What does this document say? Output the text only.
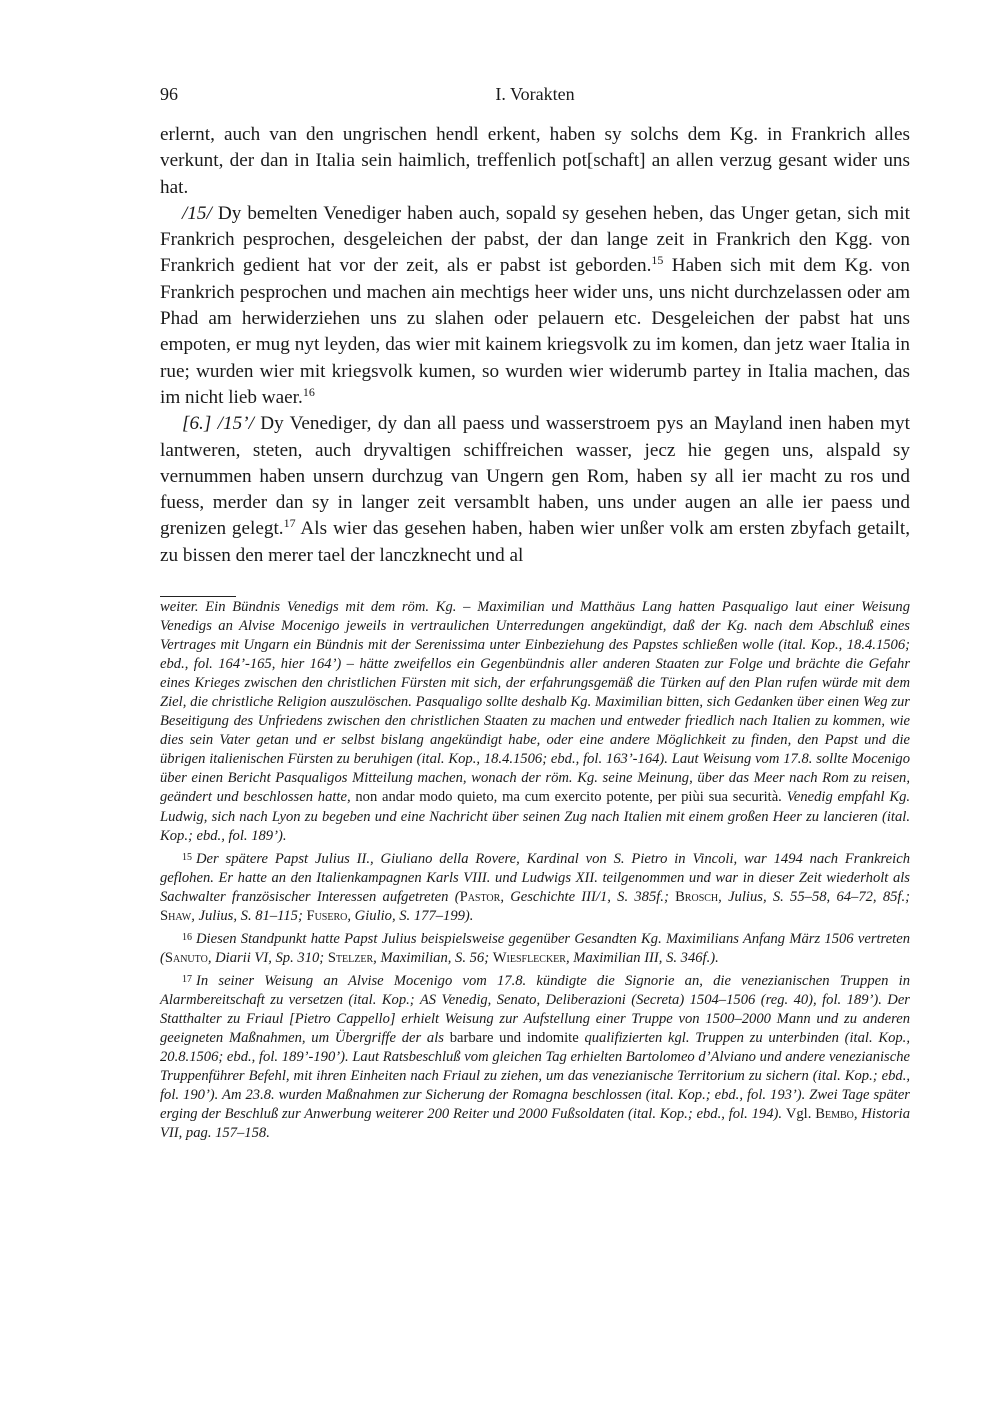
96	I. Vorakten

erlernt, auch van den ungrischen hendl erkent, haben sy solchs dem Kg. in Frankrich alles verkunt, der dan in Italia sein haimlich, treffenlich pot[schaft] an allen verzug gesant wider uns hat.

/15/ Dy bemelten Venediger haben auch, sopald sy gesehen heben, das Unger getan, sich mit Frankrich pesprochen, desgeleichen der pabst, der dan lange zeit in Frankrich den Kgg. von Frankrich gedient hat vor der zeit, als er pabst ist geborden.$^{15}$ Haben sich mit dem Kg. von Frankrich pesprochen und machen ain mechtigs heer wider uns, uns nicht durchzelassen oder am Phad am herwiderziehen uns zu slahen oder pelauern etc. Desgeleichen der pabst hat uns empoten, er mug nyt leyden, das wier mit kainem kriegsvolk zu im komen, dan jetz waer Italia in rue; wurden wier mit kriegsvolk kumen, so wurden wier widerumb partey in Italia machen, das im nicht lieb waer.$^{16}$

[6.] /15’/ Dy Venediger, dy dan all paess und wasserstroem pys an Mayland inen haben myt lantweren, steten, auch dryvaltigen schiffreichen wasser, jecz hie gegen uns, alspald sy vernummen haben unsern durchzug van Ungern gen Rom, haben sy all ier macht zu ros und fuess, merder dan sy in langer zeit versamblt haben, uns under augen an alle ier paess und grenizen gelegt.$^{17}$ Als wier das gesehen haben, haben wier unßer volk am ersten zbyfach getailt, zu bissen den merer tael der lanczknecht und al

weiter. Ein Bündnis Venedigs mit dem röm. Kg. – Maximilian und Matthäus Lang hatten Pasqualigo laut einer Weisung Venedigs an Alvise Mocenigo jeweils in vertraulichen Unterredungen angekündigt, daß der Kg. nach dem Abschluß eines Vertrages mit Ungarn ein Bündnis mit der Serenissima unter Einbeziehung des Papstes schließen wolle (ital. Kop., 18.4.1506; ebd., fol. 164’-165, hier 164’) – hätte zweifellos ein Gegenbündnis aller anderen Staaten zur Folge und brächte die Gefahr eines Krieges zwischen den christlichen Fürsten mit sich, der erfahrungsgemäß die Türken auf den Plan rufen würde mit dem Ziel, die christliche Religion auszulöschen. Pasqualigo sollte deshalb Kg. Maximilian bitten, sich Gedanken über einen Weg zur Beseitigung des Unfriedens zwischen den christlichen Staaten zu machen und entweder friedlich nach Italien zu kommen, wie dies sein Vater getan und er selbst bislang angekündigt habe, oder eine andere Möglichkeit zu finden, den Papst und die übrigen italienischen Fürsten zu beruhigen (ital. Kop., 18.4.1506; ebd., fol. 163’-164). Laut Weisung vom 17.8. sollte Mocenigo über einen Bericht Pasqualigos Mitteilung machen, wonach der röm. Kg. seine Meinung, über das Meer nach Rom zu reisen, geändert und beschlossen hatte, non andar modo quieto, ma cum exercito potente, per piùi sua securità. Venedig empfahl Kg. Ludwig, sich nach Lyon zu begeben und eine Nachricht über seinen Zug nach Italien mit einem großen Heer zu lancieren (ital. Kop.; ebd., fol. 189’).

$^{15}$ Der spätere Papst Julius II., Giuliano della Rovere, Kardinal von S. Pietro in Vincoli, war 1494 nach Frankreich geflohen. Er hatte an den Italienkampagnen Karls VIII. und Ludwigs XII. teilgenommen und war in dieser Zeit wiederholt als Sachwalter französischer Interessen aufgetreten (Pastor, Geschichte III/1, S. 385f.; Brosch, Julius, S. 55–58, 64–72, 85f.; Shaw, Julius, S. 81–115; Fusero, Giulio, S. 177–199).

$^{16}$ Diesen Standpunkt hatte Papst Julius beispielsweise gegenüber Gesandten Kg. Maximilians Anfang März 1506 vertreten (Sanuto, Diarii VI, Sp. 310; Stelzer, Maximilian, S. 56; Wiesflecker, Maximilian III, S. 346f.).

$^{17}$ In seiner Weisung an Alvise Mocenigo vom 17.8. kündigte die Signorie an, die venezianischen Truppen in Alarmbereitschaft zu versetzen (ital. Kop.; AS Venedig, Senato, Deliberazioni (Secreta) 1504–1506 (reg. 40), fol. 189’). Der Statthalter zu Friaul [Pietro Cappello] erhielt Weisung zur Aufstellung einer Truppe von 1500–2000 Mann und zu anderen geeigneten Maßnahmen, um Übergriffe der als barbare und indomite qualifizierten kgl. Truppen zu unterbinden (ital. Kop., 20.8.1506; ebd., fol. 189’-190’). Laut Ratsbeschluß vom gleichen Tag erhielten Bartolomeo d’Alviano und andere venezianische Truppenführer Befehl, mit ihren Einheiten nach Friaul zu ziehen, um das venezianische Territorium zu sichern (ital. Kop.; ebd., fol. 190’). Am 23.8. wurden Maßnahmen zur Sicherung der Romagna beschlossen (ital. Kop.; ebd., fol. 193’). Zwei Tage später erging der Beschluß zur Anwerbung weiterer 200 Reiter und 2000 Fußsoldaten (ital. Kop.; ebd., fol. 194). Vgl. Bembo, Historia VII, pag. 157–158.
